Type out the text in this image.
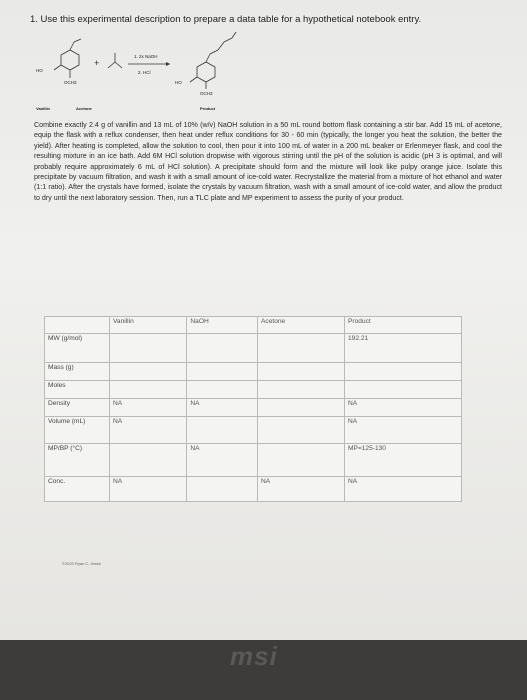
1. Use this experimental description to prepare a data table for a hypothetical notebook entry.
HO
OCH3
+
1. 2x NaOH
2. HCl
HO
OCH3
Vanillin	Acetone	Product
Combine exactly 2.4 g of vanillin and 13 mL of 10% (w/v) NaOH solution in a 50 mL round bottom flask containing a stir bar. Add 15 mL of acetone, equip the flask with a reflux condenser, then heat under reflux conditions for 30 - 60 min (typically, the longer you heat the solution, the better the yield). After heating is completed, allow the solution to cool, then pour it into 100 mL of water in a 200 mL beaker or Erlenmeyer flask, and cool the resulting mixture in an ice bath. Add 6M HCl solution dropwise with vigorous stirring until the pH of the solution is acidic (pH 3 is optimal, and will probably require approximately 6 mL of HCl solution). A precipitate should form and the mixture will look like pulpy orange juice. Isolate this precipitate by vacuum filtration, and wash it with a small amount of ice-cold water. Recrystallize the material from a mixture of hot ethanol and water (1:1 ratio). After the crystals have formed, isolate the crystals by vacuum filtration, wash with a small amount of ice-cold water, and allow the product to dry until the next laboratory session. Then, run a TLC plate and MP experiment to assess the purity of your product.
	Vanillin	NaOH	Acetone	Product
MW (g/mol)				192.21
Mass (g)				
Moles				
Density	NA	NA		NA
Volume (mL)	NA			NA
MP/BP (°C)		NA		MP=125-130
Conc.	NA		NA	NA
©2020 Ryan C. Jeske
msi
